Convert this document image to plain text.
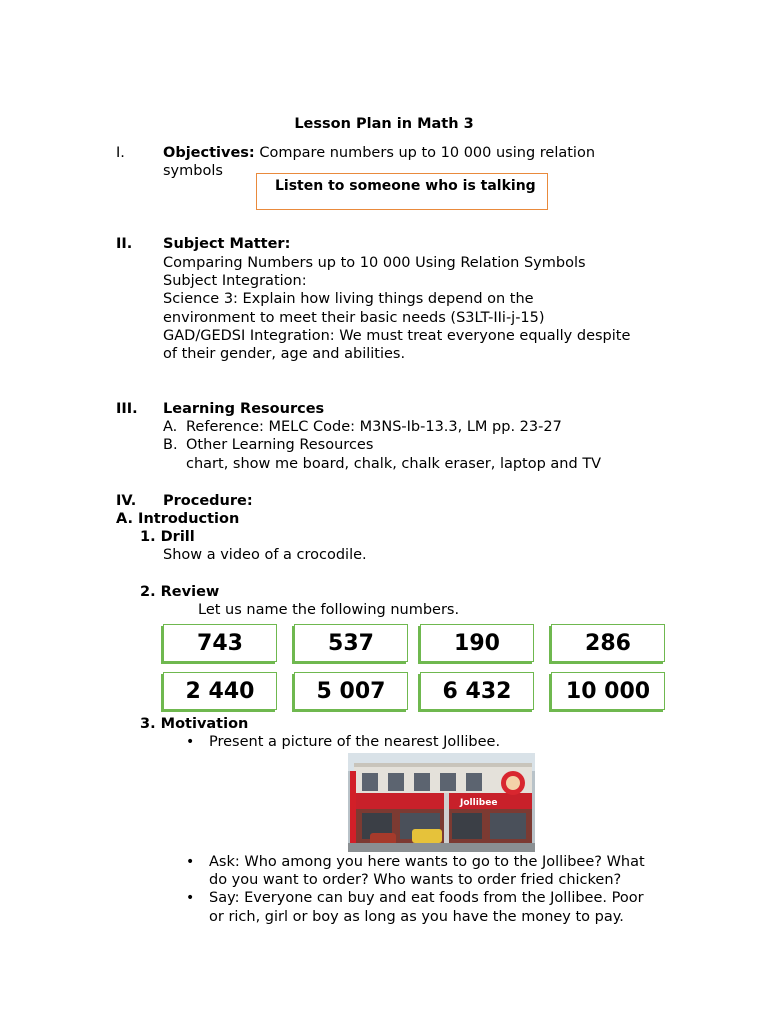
Lesson Plan in Math 3
I.	Objectives: Compare numbers up to 10 000 using relation
symbols
Listen to someone who is talking
II. Subject Matter:
Comparing Numbers up to 10 000 Using Relation Symbols
Subject Integration:
Science 3: Explain how living things depend on the
environment to meet their basic needs (S3LT-IIi-j-15)
GAD/GEDSI Integration: We must treat everyone equally despite
of their gender, age and abilities.
III. Learning Resources
A. Reference: MELC Code: M3NS-Ib-13.3, LM pp. 23-27
B. Other Learning Resources
chart, show me board, chalk, chalk eraser, laptop and TV
IV. Procedure:
A. Introduction
1. Drill
Show a video of a crocodile.
2. Review
Let us name the following numbers.
743	537	190	286
2 440	5 007	6 432	10 000
3. Motivation
• Present a picture of the nearest Jollibee.
Jollibee
• Ask: Who among you here wants to go to the Jollibee? What
do you want to order? Who wants to order fried chicken?
• Say: Everyone can buy and eat foods from the Jollibee. Poor
or rich, girl or boy as long as you have the money to pay.
